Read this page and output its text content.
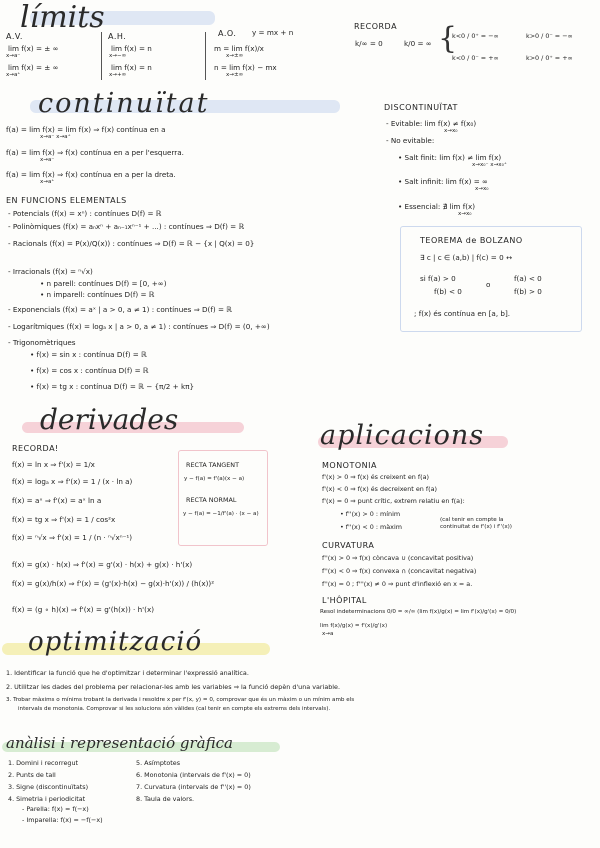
límits
A.V.
lim f(x) = ± ∞
x→a⁻
lim f(x) = ± ∞
x→a⁺
A.H.
lim f(x) = n
x→−∞
lim f(x) = n
x→+∞
A.O. y = mx + n
m = lim f(x)/x
x→±∞
n = lim f(x) − mx
x→±∞
RECORDA
k/∞ = 0	k/0 = ∞ {
k<0 / 0⁺ = −∞
k<0 / 0⁻ = +∞
k>0 / 0⁻ = −∞
k>0 / 0⁺ = +∞
continuïtat
f(a) = lim f(x) = lim f(x) ⇒ f(x) contínua en a
x→a⁻ x→a⁺
f(a) = lim f(x) ⇒ f(x) contínua en a per l'esquerra.
x→a⁻
f(a) = lim f(x) ⇒ f(x) contínua en a per la dreta.
x→a⁺
EN FUNCIONS ELEMENTALS
- Potencials (f(x) = xⁿ) : contínues D(f) = ℝ
- Polinòmiques (f(x) = aₙxⁿ + aₙ₋₁xⁿ⁻¹ + ...) : contínues ⇒ D(f) = ℝ
- Racionals (f(x) = P(x)/Q(x)) : contínues ⇒ D(f) = ℝ − {x | Q(x) = 0}
- Irracionals (f(x) = ⁿ√x)
• n parell: contínues D(f) = [0, +∞)
• n imparell: contínues D(f) = ℝ
- Exponencials (f(x) = aˣ | a > 0, a ≠ 1) : contínues ⇒ D(f) = ℝ
- Logarítmiques (f(x) = logₐ x | a > 0, a ≠ 1) : contínues ⇒ D(f) = (0, +∞)
- Trigonomètriques
• f(x) = sin x : contínua D(f) = ℝ
• f(x) = cos x : contínua D(f) = ℝ
• f(x) = tg x : contínua D(f) = ℝ − {π/2 + kπ}
DISCONTINUÏTAT
- Evitable: lim f(x) ≠ f(x₀)
x→x₀
- No evitable:
• Salt finit: lim f(x) ≠ lim f(x)
x→x₀⁻ x→x₀⁺
• Salt infinit: lim f(x) = ∞
x→x₀
• Essencial: ∄ lim f(x)
x→x₀
TEOREMA de BOLZANO
∃ c | c ∈ (a,b) | f(c) = 0 ↔
si f(a) > 0
f(b) < 0
o
f(a) < 0
f(b) > 0
; f(x) és contínua en [a, b].
derivades
RECORDA!
f(x) = ln x ⇒ f'(x) = 1/x
f(x) = logₐ x ⇒ f'(x) = 1 / (x · ln a)
f(x) = aˣ ⇒ f'(x) = aˣ ln a
f(x) = tg x ⇒ f'(x) = 1 / cos²x
f(x) = ⁿ√x ⇒ f'(x) = 1 / (n · ⁿ√xⁿ⁻¹)
f(x) = g(x) · h(x) ⇒ f'(x) = g'(x) · h(x) + g(x) · h'(x)
f(x) = g(x)/h(x) ⇒ f'(x) = (g'(x)·h(x) − g(x)·h'(x)) / (h(x))²
f(x) = (g ∘ h)(x) ⇒ f'(x) = g'(h(x)) · h'(x)
RECTA TANGENT
y − f(a) = f'(a)(x − a)
RECTA NORMAL
y − f(a) = −1/f'(a) · (x − a)
aplicacions
MONOTONIA
f'(x) > 0 ⇒ f(x) és creixent en f(a)
f'(x) < 0 ⇒ f(x) és decreixent en f(a)
f'(x) = 0 ⇒ punt crític, extrem relatiu en f(a):
• f''(x) > 0 : mínim
• f''(x) < 0 : màxim
(cal tenir en compte la continuïtat de f'(x) i f''(x))
CURVATURA
f''(x) > 0 ⇒ f(x) còncava ∪ (concavitat positiva)
f''(x) < 0 ⇒ f(x) convexa ∩ (concavitat negativa)
f''(x) = 0 ; f'''(x) ≠ 0 ⇒ punt d'inflexió en x = a.
L'HÔPITAL
Resol indeterminacions 0/0 = ∞/∞ (lim f(x)/g(x) = lim f'(x)/g'(x) = 0/0)
lim f(x)/g(x) = f'(x)/g'(x)
x→a
optimització
1. Identificar la funció que he d'optimitzar i determinar l'expressió analítica.
2. Utilitzar les dades del problema per relacionar-les amb les variables ⇒ la funció depèn d'una variable.
3. Trobar màxims o mínims trobant la derivada i resoldre x per f'(x, y) = 0, comprovar que és un màxim o un mínim amb els
intervals de monotonia. Comprovar si les solucions són vàlides (cal tenir en compte els extrems dels intervals).
anàlisi i representació gràfica
1. Domini i recorregut
2. Punts de tall
3. Signe (discontinuïtats)
4. Simetria i periodicitat
- Parella: f(x) = f(−x)
- Imparella: f(x) = −f(−x)
5. Asímptotes
6. Monotonia (intervals de f'(x) = 0)
7. Curvatura (intervals de f''(x) = 0)
8. Taula de valors.
